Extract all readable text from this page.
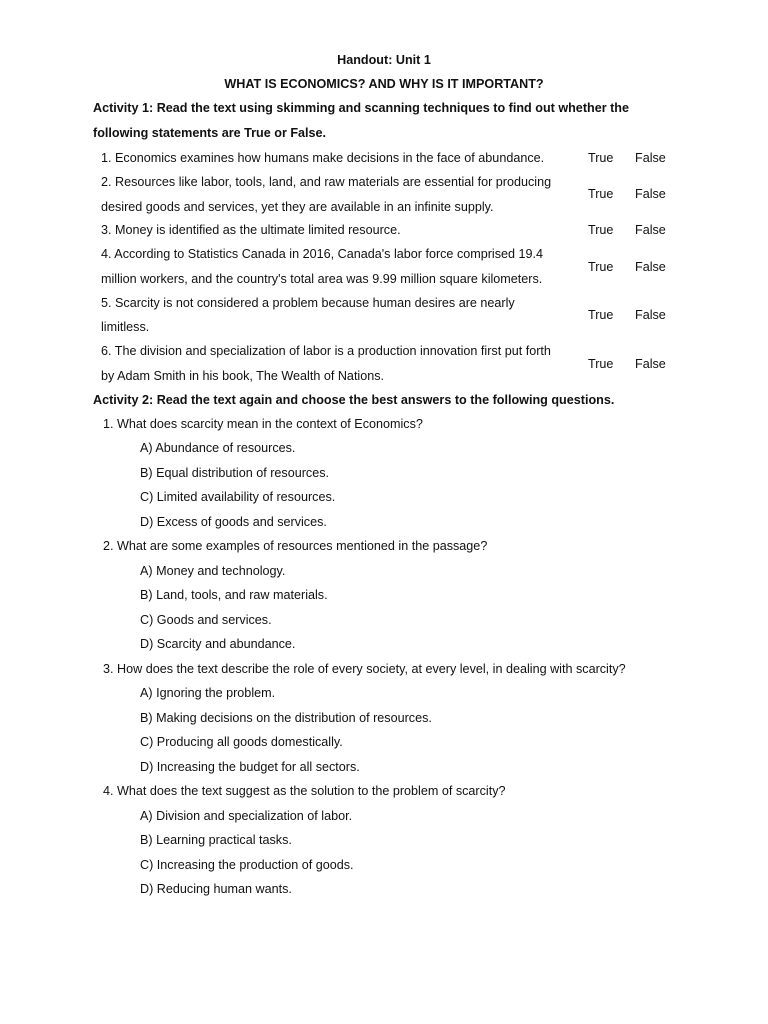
Handout: Unit 1
WHAT IS ECONOMICS? AND WHY IS IT IMPORTANT?
Activity 1: Read the text using skimming and scanning techniques to find out whether the
following statements are True or False.
1. Economics examines how humans make decisions in the face of abundance.	True False
2. Resources like labor, tools, land, and raw materials are essential for producing
desired goods and services, yet they are available in an infinite supply.
True False
3. Money is identified as the ultimate limited resource.	True False
4. According to Statistics Canada in 2016, Canada's labor force comprised 19.4
million workers, and the country's total area was 9.99 million square kilometers.
True False
5. Scarcity is not considered a problem because human desires are nearly
limitless.
True False
6. The division and specialization of labor is a production innovation first put forth
by Adam Smith in his book, The Wealth of Nations.
True False
Activity 2: Read the text again and choose the best answers to the following questions.
1. What does scarcity mean in the context of Economics?
A) Abundance of resources.
B) Equal distribution of resources.
C) Limited availability of resources.
D) Excess of goods and services.
2. What are some examples of resources mentioned in the passage?
A) Money and technology.
B) Land, tools, and raw materials.
C) Goods and services.
D) Scarcity and abundance.
3. How does the text describe the role of every society, at every level, in dealing with scarcity?
A) Ignoring the problem.
B) Making decisions on the distribution of resources.
C) Producing all goods domestically.
D) Increasing the budget for all sectors.
4. What does the text suggest as the solution to the problem of scarcity?
A) Division and specialization of labor.
B) Learning practical tasks.
C) Increasing the production of goods.
D) Reducing human wants.
